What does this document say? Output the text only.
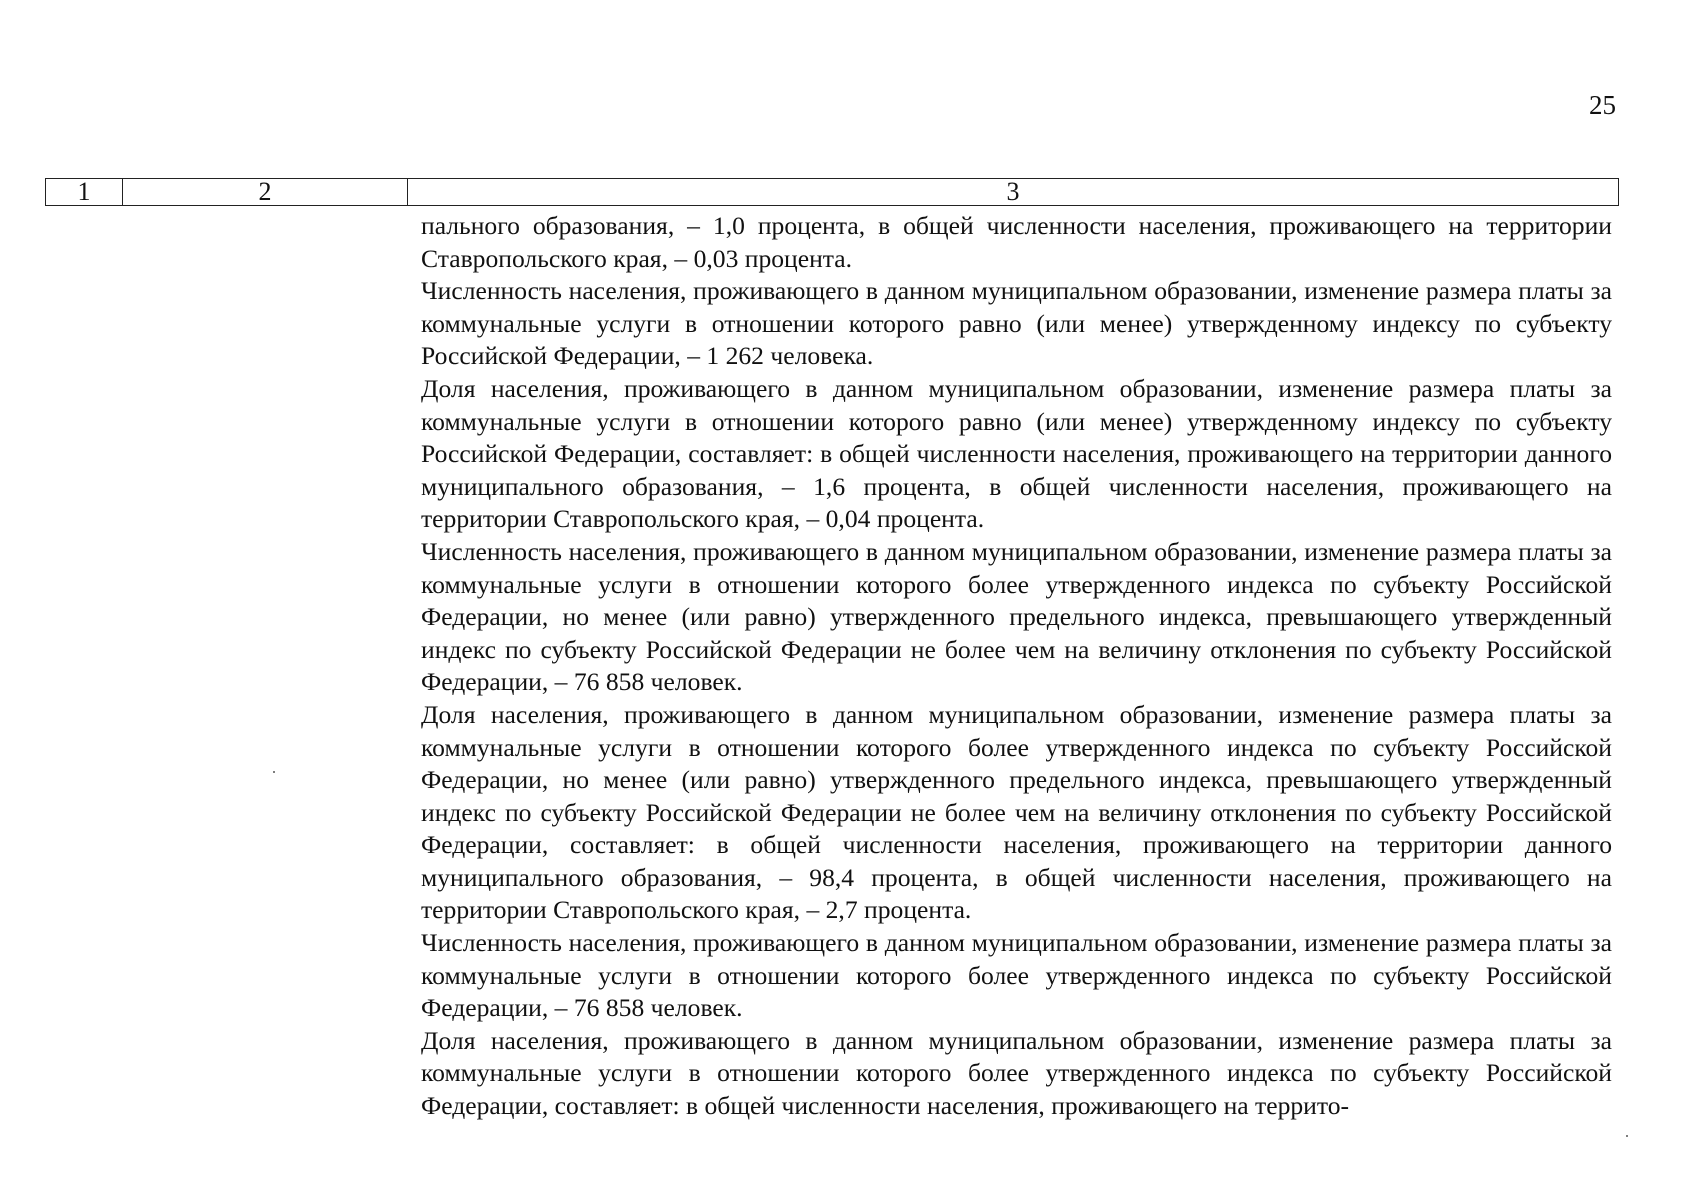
25
1	2	3

пального образования, – 1,0 процента, в общей численности населения, проживающего на территории Ставропольского края, – 0,03 процента.

Численность населения, проживающего в данном муниципальном образовании, изменение размера платы за коммунальные услуги в отношении которого равно (или менее) утвержденному индексу по субъекту Российской Федерации, – 1 262 человека.

Доля населения, проживающего в данном муниципальном образовании, изменение размера платы за коммунальные услуги в отношении которого равно (или менее) утвержденному индексу по субъекту Российской Федерации, составляет: в общей численности населения, проживающего на территории данного муниципального образования, – 1,6 процента, в общей численности населения, проживающего на территории Ставропольского края, – 0,04 процента.

Численность населения, проживающего в данном муниципальном образовании, изменение размера платы за коммунальные услуги в отношении которого более утвержденного индекса по субъекту Российской Федерации, но менее (или равно) утвержденного предельного индекса, превышающего утвержденный индекс по субъекту Российской Федерации не более чем на величину отклонения по субъекту Российской Федерации, – 76 858 человек.

Доля населения, проживающего в данном муниципальном образовании, изменение размера платы за коммунальные услуги в отношении которого более утвержденного индекса по субъекту Российской Федерации, но менее (или равно) утвержденного предельного индекса, превышающего утвержденный индекс по субъекту Российской Федерации не более чем на величину отклонения по субъекту Российской Федерации, составляет: в общей численности населения, проживающего на территории данного муниципального образования, – 98,4 процента, в общей численности населения, проживающего на территории Ставропольского края, – 2,7 процента.

Численность населения, проживающего в данном муниципальном образовании, изменение размера платы за коммунальные услуги в отношении которого более утвержденного индекса по субъекту Российской Федерации, – 76 858 человек.

Доля населения, проживающего в данном муниципальном образовании, изменение размера платы за коммунальные услуги в отношении которого более утвержденного индекса по субъекту Российской Федерации, составляет: в общей численности населения, проживающего на террито-
